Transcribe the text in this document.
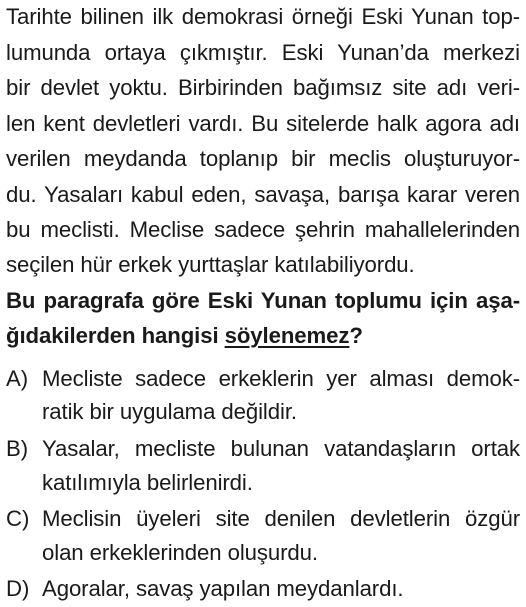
Tarihte bilinen ilk demokrasi örneği Eski Yunan top-
lumunda ortaya çıkmıştır. Eski Yunan’da merkezi
bir devlet yoktu. Birbirinden bağımsız site adı veri-
len kent devletleri vardı. Bu sitelerde halk agora adı
verilen meydanda toplanıp bir meclis oluşturuyor-
du. Yasaları kabul eden, savaşa, barışa karar veren
bu meclisti. Meclise sadece şehrin mahallelerinden
seçilen hür erkek yurttaşlar katılabiliyordu.
Bu paragrafa göre Eski Yunan toplumu için aşa-
ğıdakilerden hangisi söylenemez?
A) Mecliste sadece erkeklerin yer alması demok-
ratik bir uygulama değildir.
B) Yasalar, mecliste bulunan vatandaşların ortak
katılımıyla belirlenirdi.
C) Meclisin üyeleri site denilen devletlerin özgür
olan erkeklerinden oluşurdu.
D) Agoralar, savaş yapılan meydanlardı.
